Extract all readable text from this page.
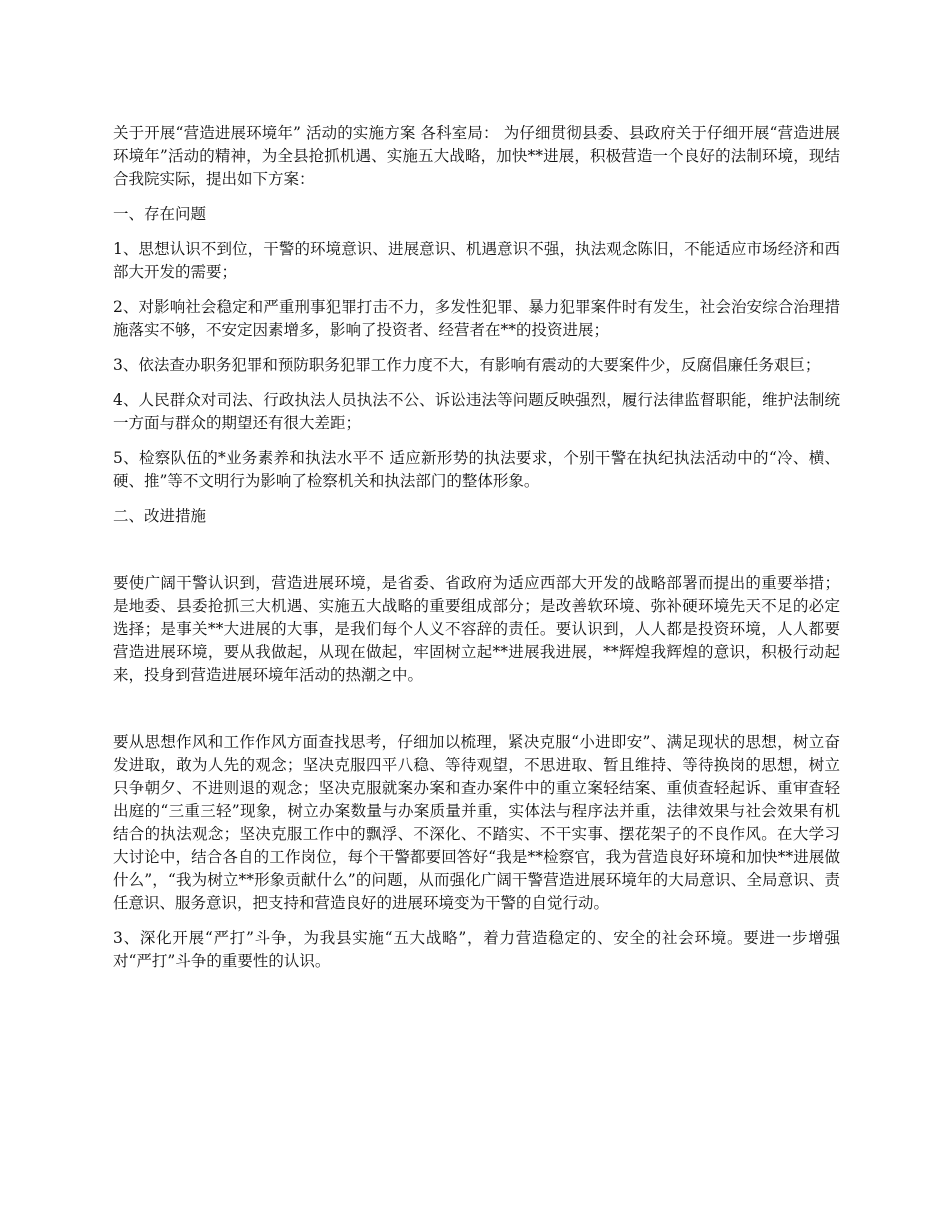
关于开展“营造进展环境年” 活动的实施方案 各科室局： 为仔细贯彻县委、县政府关于仔细开展“营造进展环境年”活动的精神，为全县抢抓机遇、实施五大战略，加快**进展，积极营造一个良好的法制环境，现结合我院实际，提出如下方案：

一、存在问题

1、思想认识不到位，干警的环境意识、进展意识、机遇意识不强，执法观念陈旧，不能适应市场经济和西部大开发的需要；

2、对影响社会稳定和严重刑事犯罪打击不力，多发性犯罪、暴力犯罪案件时有发生，社会治安综合治理措施落实不够，不安定因素增多，影响了投资者、经营者在**的投资进展；

3、依法查办职务犯罪和预防职务犯罪工作力度不大，有影响有震动的大要案件少，反腐倡廉任务艰巨；

4、人民群众对司法、行政执法人员执法不公、诉讼违法等问题反映强烈，履行法律监督职能，维护法制统一方面与群众的期望还有很大差距；

5、检察队伍的*业务素养和执法水平不 适应新形势的执法要求，个别干警在执纪执法活动中的“冷、横、硬、推”等不文明行为影响了检察机关和执法部门的整体形象。

二、改进措施

要使广阔干警认识到，营造进展环境，是省委、省政府为适应西部大开发的战略部署而提出的重要举措；是地委、县委抢抓三大机遇、实施五大战略的重要组成部分；是改善软环境、弥补硬环境先天不足的必定选择；是事关**大进展的大事，是我们每个人义不容辞的责任。要认识到，人人都是投资环境，人人都要营造进展环境，要从我做起，从现在做起，牢固树立起**进展我进展，**辉煌我辉煌的意识，积极行动起来，投身到营造进展环境年活动的热潮之中。

要从思想作风和工作作风方面查找思考，仔细加以梳理，紧决克服“小进即安”、满足现状的思想，树立奋发进取，敢为人先的观念；坚决克服四平八稳、等待观望，不思进取、暂且维持、等待换岗的思想，树立只争朝夕、不进则退的观念；坚决克服就案办案和查办案件中的重立案轻结案、重侦查轻起诉、重审查轻出庭的“三重三轻”现象，树立办案数量与办案质量并重，实体法与程序法并重，法律效果与社会效果有机结合的执法观念；坚决克服工作中的飘浮、不深化、不踏实、不干实事、摆花架子的不良作风。在大学习大讨论中，结合各自的工作岗位，每个干警都要回答好“我是**检察官，我为营造良好环境和加快**进展做什么”，“我为树立**形象贡献什么”的问题，从而强化广阔干警营造进展环境年的大局意识、全局意识、责任意识、服务意识，把支持和营造良好的进展环境变为干警的自觉行动。

3、深化开展“严打”斗争，为我县实施“五大战略”，着力营造稳定的、安全的社会环境。要进一步增强对“严打”斗争的重要性的认识。
